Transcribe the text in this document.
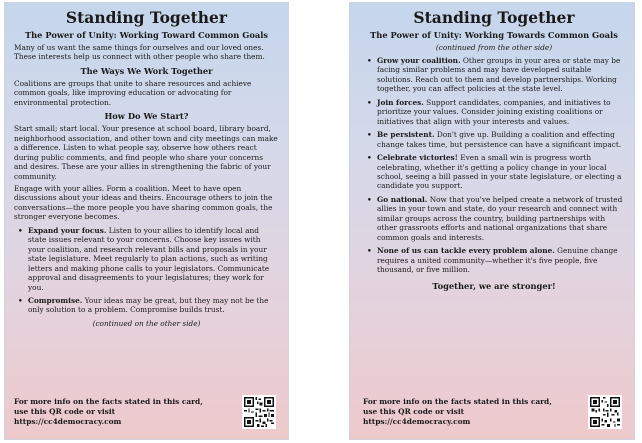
Standing Together
The Power of Unity: Working Toward Common Goals

Many of us want the same things for ourselves and our loved ones. These interests help us connect with other people who share them.

The Ways We Work Together

Coalitions are groups that unite to share resources and achieve common goals, like improving education or advocating for environmental protection.

How Do We Start?

Start small; start local. Your presence at school board, library board, neighborhood association, and other town and city meetings can make a difference. Listen to what people say, observe how others react during public comments, and find people who share your concerns and desires. These are your allies in strengthening the fabric of your community.

Engage with your allies. Form a coalition. Meet to have open discussions about your ideas and theirs. Encourage others to join the conversations—the more people you have sharing common goals, the stronger everyone becomes.

• Expand your focus. Listen to your allies to identify local and state issues relevant to your concerns. Choose key issues with your coalition, and research relevant bills and proposals in your state legislature. Meet regularly to plan actions, such as writing letters and making phone calls to your legislators. Communicate approval and disagreements to your legislatures; they work for you.
• Compromise. Your ideas may be great, but they may not be the only solution to a problem. Compromise builds trust.
(continued on the other side)
For more info on the facts stated in this card, use this QR code or visit https://cc4democracy.com
Standing Together
The Power of Unity: Working Towards Common Goals
(continued from the other side)
• Grow your coalition. Other groups in your area or state may be facing similar problems and may have developed suitable solutions. Reach out to them and develop partnerships. Working together, you can affect policies at the state level.
• Join forces. Support candidates, companies, and initiatives to prioritize your values. Consider joining existing coalitions or initiatives that align with your interests and values.
• Be persistent. Don't give up. Building a coalition and effecting change takes time, but persistence can have a significant impact.
• Celebrate victories! Even a small win is progress worth celebrating, whether it's getting a policy change in your local school, seeing a bill passed in your state legislature, or electing a candidate you support.
• Go national. Now that you've helped create a network of trusted allies in your town and state, do your research and connect with similar groups across the country, building partnerships with other grassroots efforts and national organizations that share common goals and interests.
• None of us can tackle every problem alone. Genuine change requires a united community—whether it's five people, five thousand, or five million.
Together, we are stronger!
For more info on the facts stated in this card, use this QR code or visit https://cc4democracy.com
